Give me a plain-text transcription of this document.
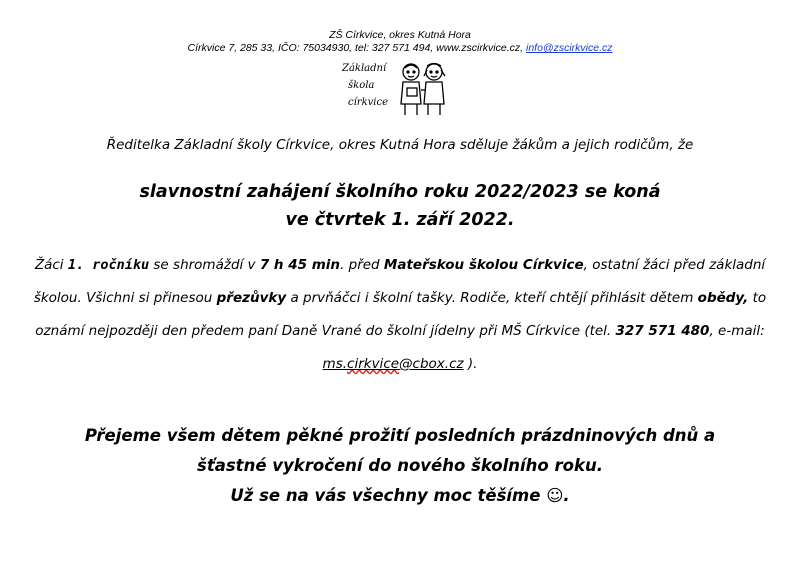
ZŠ Církvice, okres Kutná Hora
Církvice 7, 285 33, IČO: 75034930, tel: 327 571 494, www.zscirkvice.cz, info@zscirkvice.cz
Základní
škola
církvice
Ředitelka Základní školy Církvice, okres Kutná Hora sděluje žákům a jejich rodičům, že
slavnostní zahájení školního roku 2022/2023 se koná
ve čtvrtek 1. září 2022.
Žáci 1. ročníku se shromáždí v 7 h 45 min. před Mateřskou školou Církvice, ostatní žáci před základní školou. Všichni si přinesou přezůvky a prvňáčci i školní tašky. Rodiče, kteří chtějí přihlásit dětem obědy, to oznámí nejpozději den předem paní Daně Vrané do školní jídelny při MŠ Církvice (tel. 327 571 480, e-mail: ms.cirkvice@cbox.cz ).
Přejeme všem dětem pěkné prožití posledních prázdninových dnů a
šťastné vykročení do nového školního roku.
Už se na vás všechny moc těšíme ☺.
